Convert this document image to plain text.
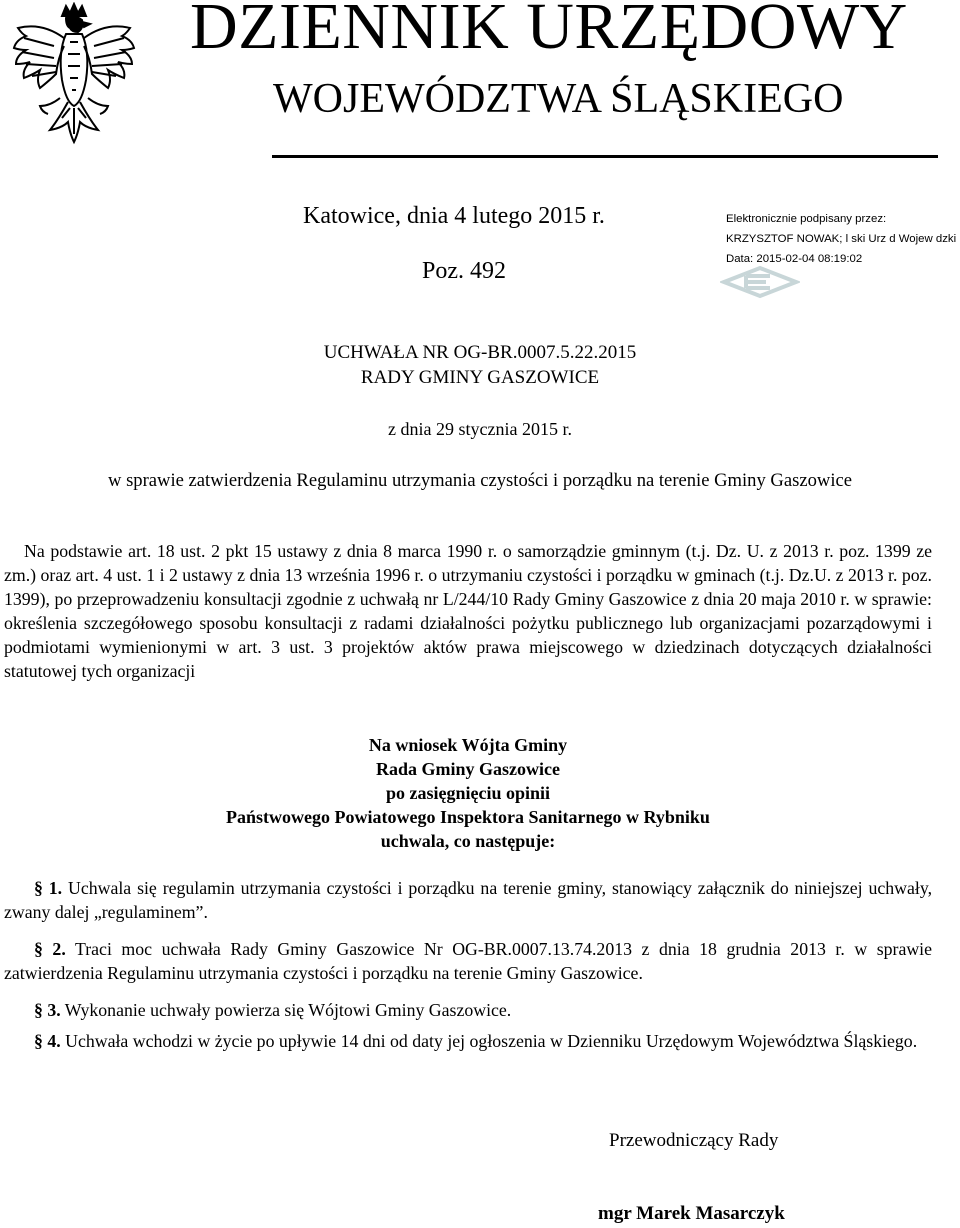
DZIENNIK URZĘDOWY
WOJEWÓDZTWA ŚLĄSKIEGO
Katowice, dnia 4 lutego 2015 r.
Poz. 492
Elektronicznie podpisany przez:
KRZYSZTOF NOWAK; l ski Urz d Wojew dzki
Data: 2015-02-04 08:19:02
UCHWAŁA NR OG-BR.0007.5.22.2015
RADY GMINY GASZOWICE
z dnia 29 stycznia 2015 r.
w sprawie zatwierdzenia Regulaminu utrzymania czystości i porządku na terenie Gminy Gaszowice
Na podstawie art. 18 ust. 2 pkt 15 ustawy z dnia 8 marca 1990 r. o samorządzie gminnym (t.j. Dz. U. z 2013 r. poz. 1399 ze zm.) oraz art. 4 ust. 1 i 2 ustawy z dnia 13 września 1996 r. o utrzymaniu czystości i porządku w gminach (t.j. Dz.U. z 2013 r. poz. 1399), po przeprowadzeniu konsultacji zgodnie z uchwałą nr L/244/10 Rady Gminy Gaszowice z dnia 20 maja 2010 r. w sprawie: określenia szczegółowego sposobu konsultacji z radami działalności pożytku publicznego lub organizacjami pozarządowymi i podmiotami wymienionymi w art. 3 ust. 3 projektów aktów prawa miejscowego w dziedzinach dotyczących działalności statutowej tych organizacji
Na wniosek Wójta Gminy
Rada Gminy Gaszowice
po zasięgnięciu opinii
Państwowego Powiatowego Inspektora Sanitarnego w Rybniku
uchwala, co następuje:
§ 1. Uchwala się regulamin utrzymania czystości i porządku na terenie gminy, stanowiący załącznik do niniejszej uchwały, zwany dalej „regulaminem”.
§ 2. Traci moc uchwała Rady Gminy Gaszowice Nr OG-BR.0007.13.74.2013 z dnia 18 grudnia 2013 r. w sprawie zatwierdzenia Regulaminu utrzymania czystości i porządku na terenie Gminy Gaszowice.
§ 3. Wykonanie uchwały powierza się Wójtowi Gminy Gaszowice.
§ 4. Uchwała wchodzi w życie po upływie 14 dni od daty jej ogłoszenia w Dzienniku Urzędowym Województwa Śląskiego.
Przewodniczący Rady
mgr Marek Masarczyk
